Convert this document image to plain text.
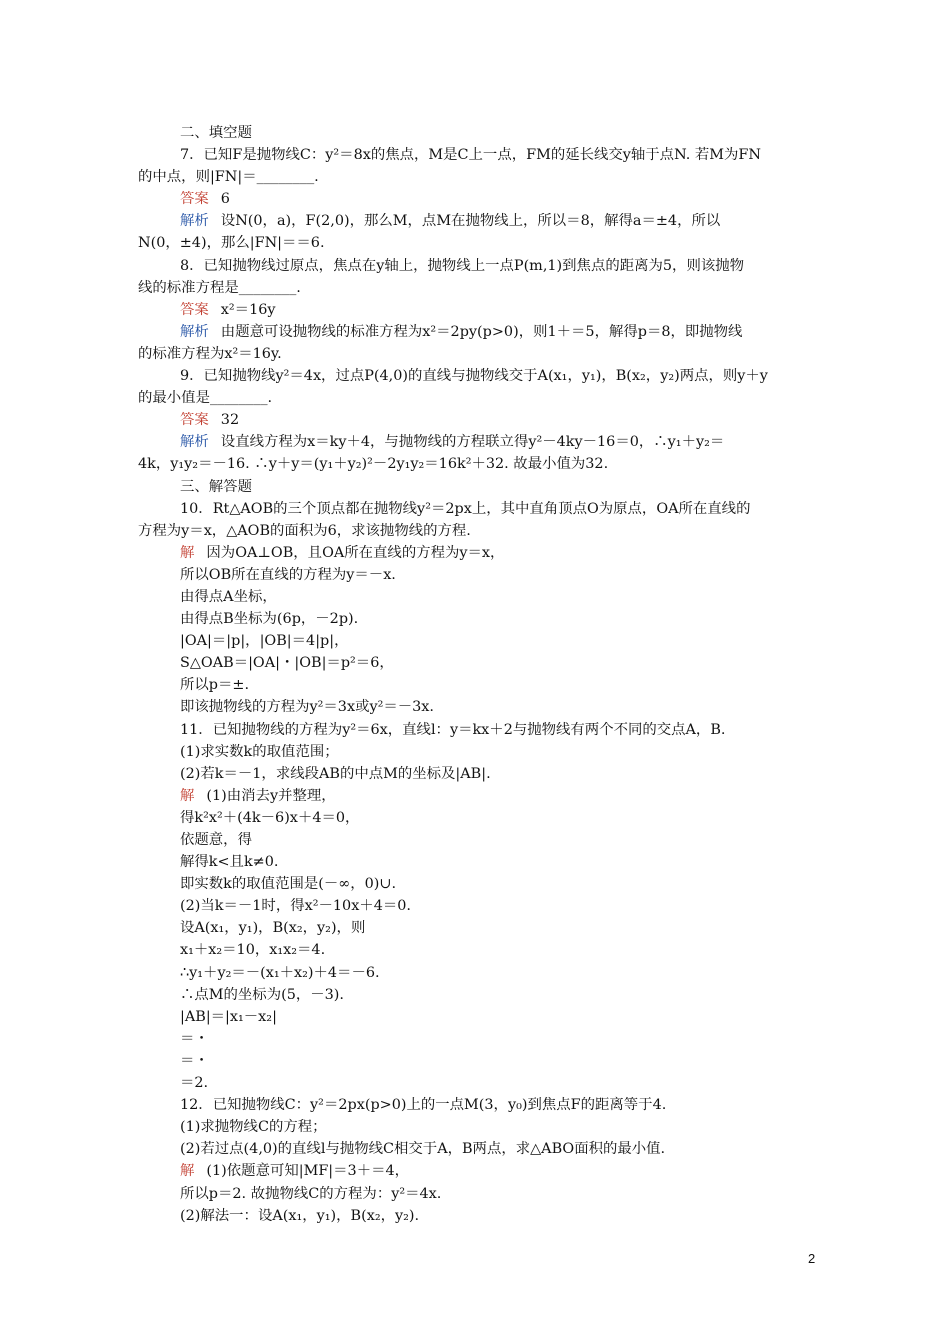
二、填空题
7．已知F是抛物线C：y²＝8x的焦点，M是C上一点，FM的延长线交y轴于点N. 若M为FN
的中点，则|FN|＝________.
答案 6
解析 设N(0，a)，F(2,0)，那么M，点M在抛物线上，所以＝8，解得a＝±4，所以
N(0，±4)，那么|FN|＝＝6.
8．已知抛物线过原点，焦点在y轴上，抛物线上一点P(m,1)到焦点的距离为5，则该抛物
线的标准方程是________.
答案 x²＝16y
解析 由题意可设抛物线的标准方程为x²＝2py(p>0)，则1＋＝5，解得p＝8，即抛物线
的标准方程为x²＝16y.
9．已知抛物线y²＝4x，过点P(4,0)的直线与抛物线交于A(x₁，y₁)，B(x₂，y₂)两点，则y＋y
的最小值是________.
答案 32
解析 设直线方程为x＝ky＋4，与抛物线的方程联立得y²－4ky－16＝0，∴y₁＋y₂＝
4k，y₁y₂＝－16. ∴y＋y＝(y₁＋y₂)²－2y₁y₂＝16k²＋32. 故最小值为32.
三、解答题
10．Rt△AOB的三个顶点都在抛物线y²＝2px上，其中直角顶点O为原点，OA所在直线的
方程为y＝x，△AOB的面积为6，求该抛物线的方程.
解 因为OA⊥OB，且OA所在直线的方程为y＝x，
所以OB所在直线的方程为y＝－x.
由得点A坐标，
由得点B坐标为(6p，－2p).
|OA|＝|p|，|OB|＝4|p|，
S△OAB＝|OA|・|OB|＝p²＝6，
所以p＝±.
即该抛物线的方程为y²＝3x或y²＝－3x.
11．已知抛物线的方程为y²＝6x，直线l：y＝kx＋2与抛物线有两个不同的交点A，B.
(1)求实数k的取值范围；
(2)若k＝－1，求线段AB的中点M的坐标及|AB|.
解 (1)由消去y并整理，
得k²x²＋(4k－6)x＋4＝0，
依题意，得
解得k<且k≠0.
即实数k的取值范围是(－∞，0)∪.
(2)当k＝－1时，得x²－10x＋4＝0.
设A(x₁，y₁)，B(x₂，y₂)，则
x₁＋x₂＝10，x₁x₂＝4.
∴y₁＋y₂＝－(x₁＋x₂)＋4＝－6.
∴点M的坐标为(5，－3).
|AB|＝|x₁－x₂|
＝・
＝・
＝2.
12．已知抛物线C：y²＝2px(p>0)上的一点M(3，y₀)到焦点F的距离等于4.
(1)求抛物线C的方程；
(2)若过点(4,0)的直线l与抛物线C相交于A，B两点，求△ABO面积的最小值.
解 (1)依题意可知|MF|＝3＋＝4，
所以p＝2. 故抛物线C的方程为：y²＝4x.
(2)解法一：设A(x₁，y₁)，B(x₂，y₂).
2
